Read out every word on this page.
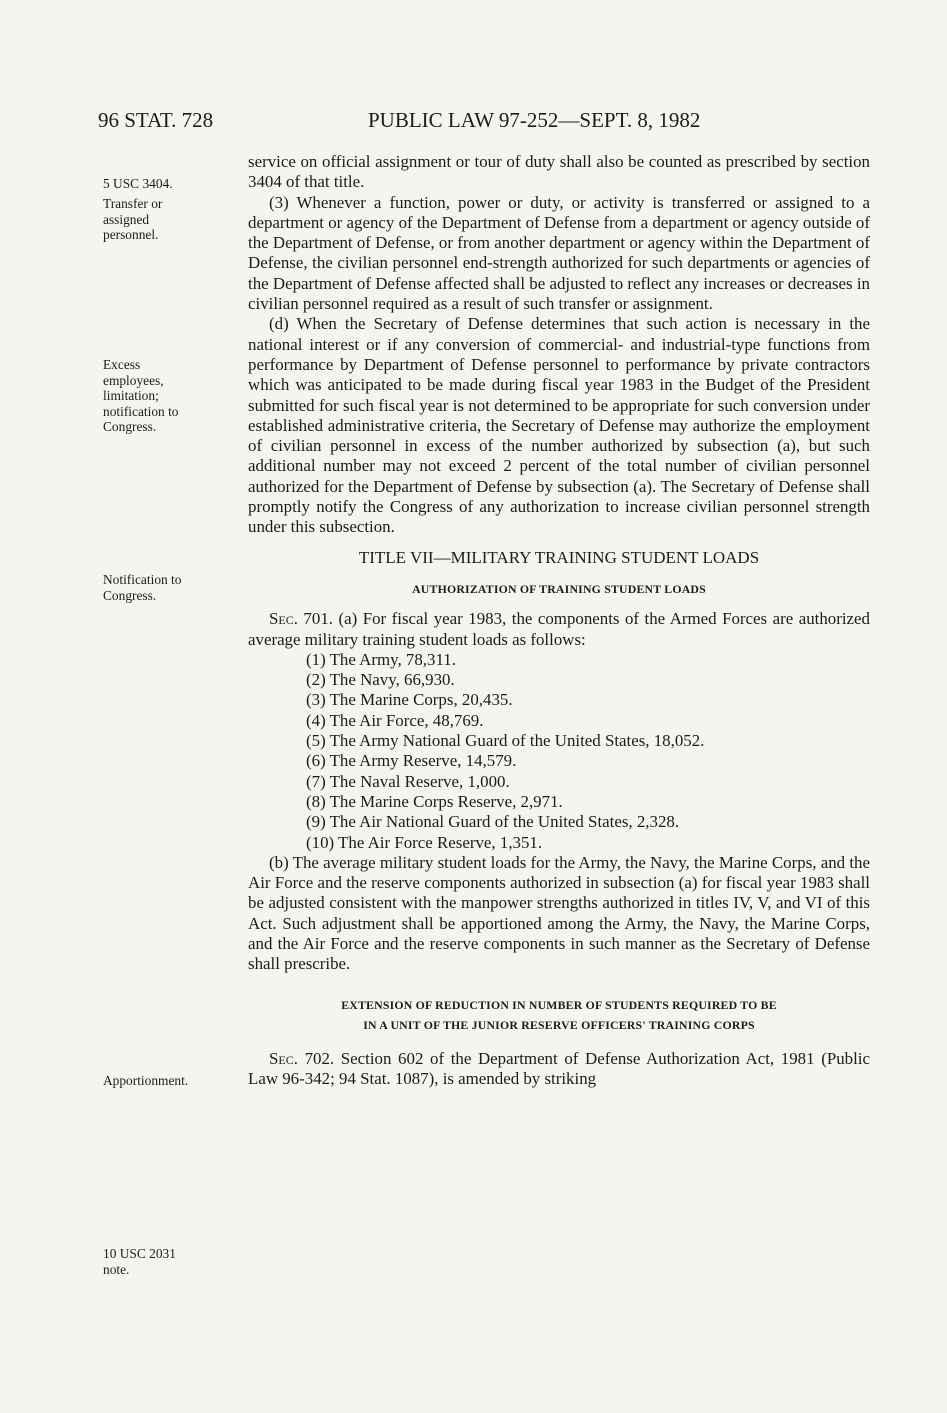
96 STAT. 728	PUBLIC LAW 97-252—SEPT. 8, 1982
5 USC 3404.
Transfer or
assigned
personnel.
Excess
employees,
limitation;
notification to
Congress.
Notification to
Congress.
Apportionment.
10 USC 2031
note.

service on official assignment or tour of duty shall also be counted as prescribed by section 3404 of that title.

(3) Whenever a function, power or duty, or activity is transferred or assigned to a department or agency of the Department of Defense from a department or agency outside of the Department of Defense, or from another department or agency within the Department of Defense, the civilian personnel end-strength authorized for such departments or agencies of the Department of Defense affected shall be adjusted to reflect any increases or decreases in civilian personnel required as a result of such transfer or assignment.

(d) When the Secretary of Defense determines that such action is necessary in the national interest or if any conversion of commercial- and industrial-type functions from performance by Department of Defense personnel to performance by private contractors which was anticipated to be made during fiscal year 1983 in the Budget of the President submitted for such fiscal year is not determined to be appropriate for such conversion under established administrative criteria, the Secretary of Defense may authorize the employment of civilian personnel in excess of the number authorized by subsection (a), but such additional number may not exceed 2 percent of the total number of civilian personnel authorized for the Department of Defense by subsection (a). The Secretary of Defense shall promptly notify the Congress of any authorization to increase civilian personnel strength under this subsection.

TITLE VII—MILITARY TRAINING STUDENT LOADS

AUTHORIZATION OF TRAINING STUDENT LOADS

Sec. 701. (a) For fiscal year 1983, the components of the Armed Forces are authorized average military training student loads as follows:

(1) The Army, 78,311.

(2) The Navy, 66,930.

(3) The Marine Corps, 20,435.

(4) The Air Force, 48,769.

(5) The Army National Guard of the United States, 18,052.

(6) The Army Reserve, 14,579.

(7) The Naval Reserve, 1,000.

(8) The Marine Corps Reserve, 2,971.

(9) The Air National Guard of the United States, 2,328.

(10) The Air Force Reserve, 1,351.

(b) The average military student loads for the Army, the Navy, the Marine Corps, and the Air Force and the reserve components authorized in subsection (a) for fiscal year 1983 shall be adjusted consistent with the manpower strengths authorized in titles IV, V, and VI of this Act. Such adjustment shall be apportioned among the Army, the Navy, the Marine Corps, and the Air Force and the reserve components in such manner as the Secretary of Defense shall prescribe.

EXTENSION OF REDUCTION IN NUMBER OF STUDENTS REQUIRED TO BE

IN A UNIT OF THE JUNIOR RESERVE OFFICERS' TRAINING CORPS

Sec. 702. Section 602 of the Department of Defense Authorization Act, 1981 (Public Law 96-342; 94 Stat. 1087), is amended by striking
